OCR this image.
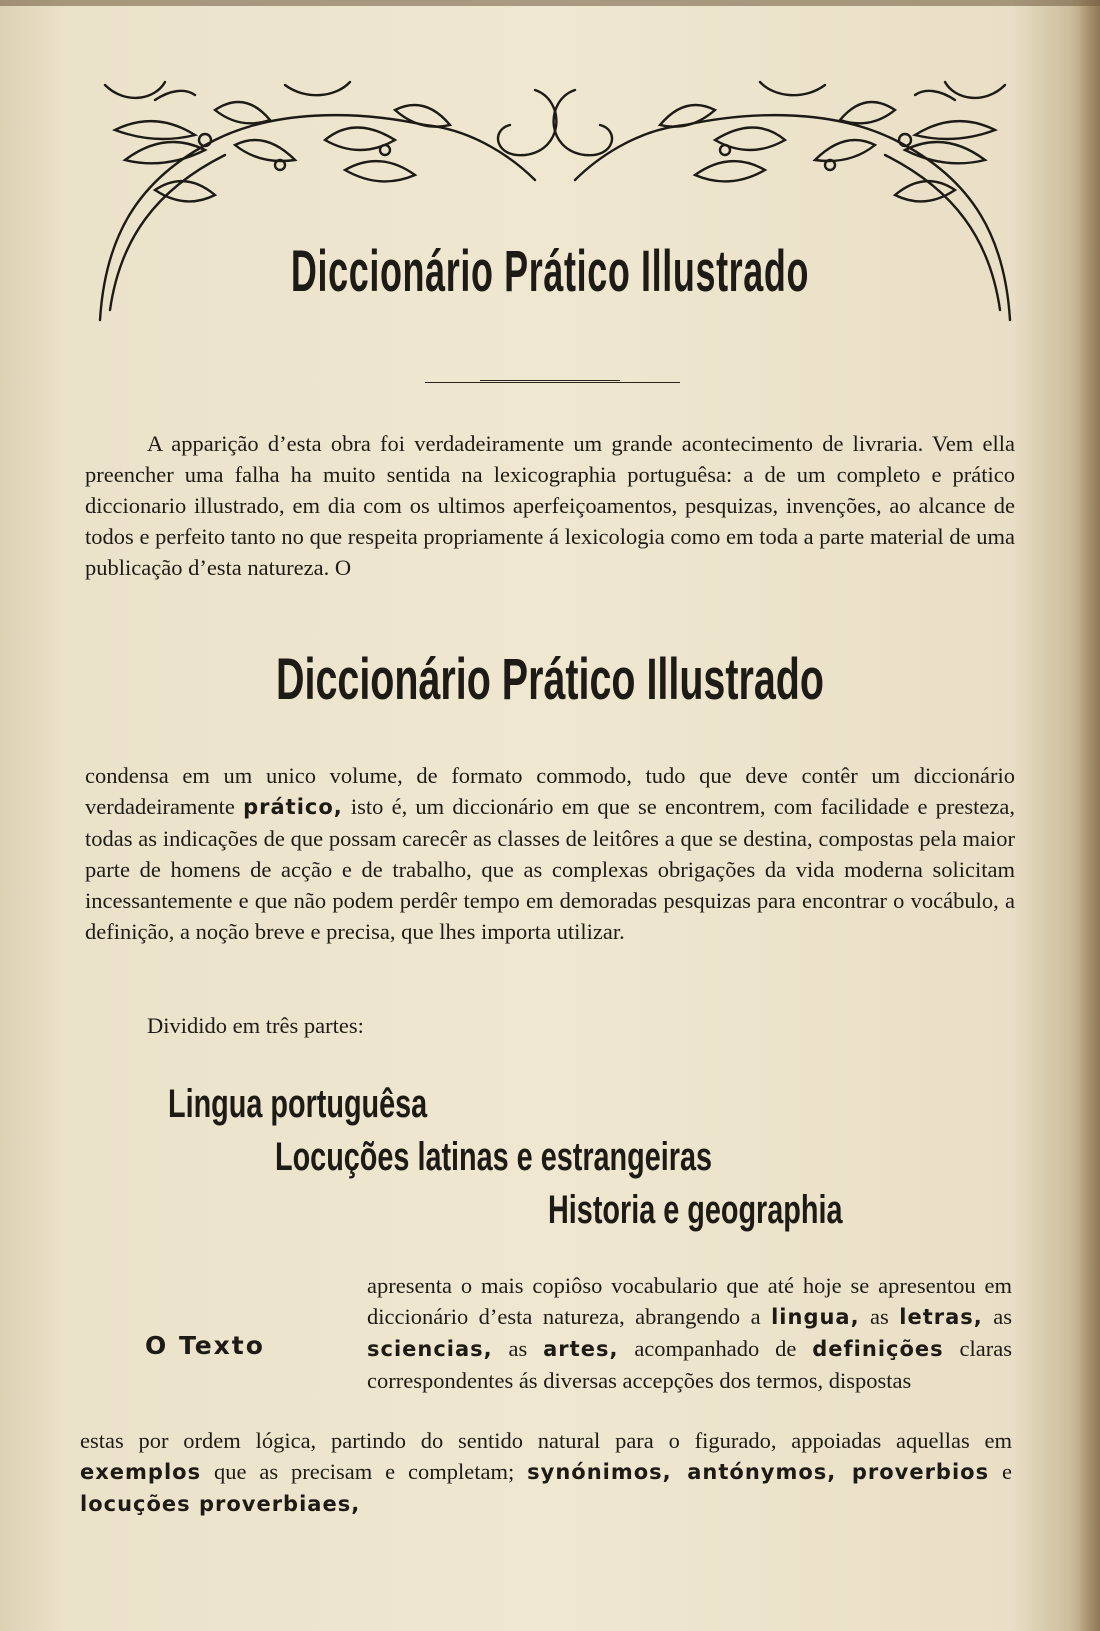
Diccionário Prático Illustrado
A apparição d’esta obra foi verdadeiramente um grande acontecimento de livraria. Vem ella preencher uma falha ha muito sentida na lexicographia portuguêsa: a de um completo e prático diccionario illustrado, em dia com os ultimos aperfeiçoamentos, pesquizas, invenções, ao alcance de todos e perfeito tanto no que respeita propriamente á lexicologia como em toda a parte material de uma publicação d’esta natureza. O
Diccionário Prático Illustrado
condensa em um unico volume, de formato commodo, tudo que deve contêr um diccionário verdadeiramente prático, isto é, um diccionário em que se encontrem, com facilidade e presteza, todas as indicações de que possam carecêr as classes de leitôres a que se destina, compostas pela maior parte de homens de acção e de trabalho, que as complexas obrigações da vida moderna solicitam incessantemente e que não podem perdêr tempo em demoradas pesquizas para encontrar o vocábulo, a definição, a noção breve e precisa, que lhes importa utilizar.
Dividido em três partes:
Lingua portuguêsa
Locuções latinas e estrangeiras
Historia e geographia
O Texto
apresenta o mais copiôso vocabulario que até hoje se apresentou em diccionário d’esta natureza, abrangendo a lingua, as letras, as sciencias, as artes, acompanhado de definições claras correspondentes ás diversas accepções dos termos, dispostas
estas por ordem lógica, partindo do sentido natural para o figurado, appoiadas aquellas em exemplos que as precisam e completam; synónimos, antónymos, proverbios e locuções proverbiaes,
